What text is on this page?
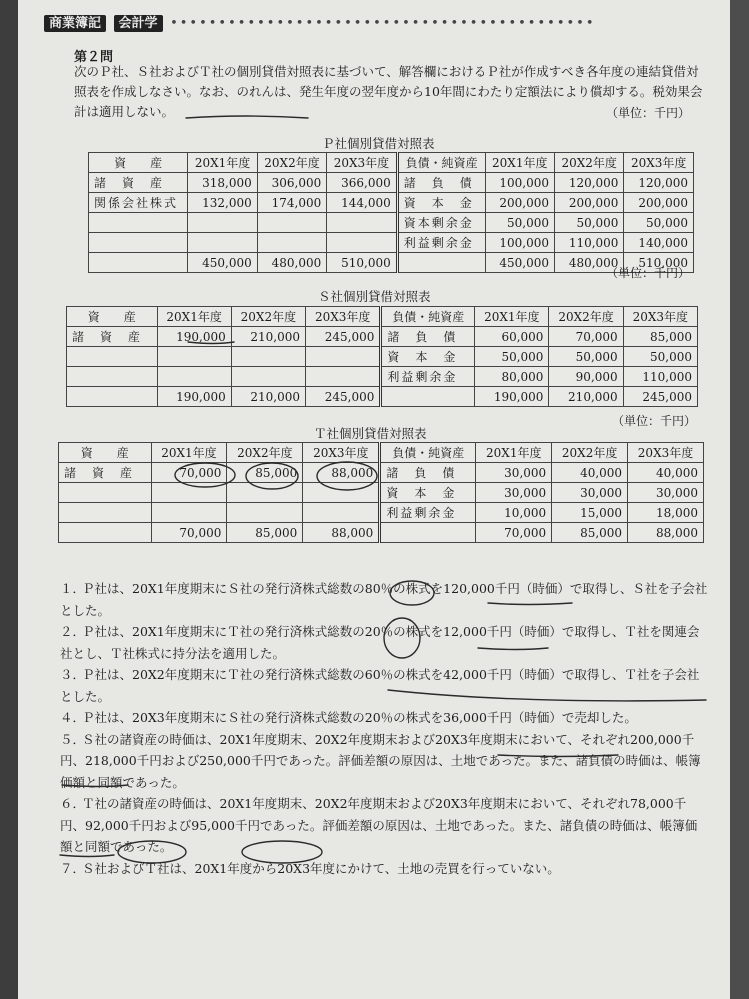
商業簿記 会計学 ••••••••••••••••••••••••••••••••••••••••••••
第２問
次のＰ社、Ｓ社およびＴ社の個別貸借対照表に基づいて、解答欄におけるＰ社が作成すべき各年度の連結貸借対照表を作成しなさい。なお、のれんは、発生年度の翌年度から10年間にわたり定額法により償却する。税効果会計は適用しない。	（単位：千円）
Ｐ社個別貸借対照表
資　　産	20X1年度	20X2年度	20X3年度	負債・純資産	20X1年度	20X2年度	20X3年度
諸　資　産	318,000	306,000	366,000	諸　負　債	100,000	120,000	120,000
関係会社株式	132,000	174,000	144,000	資　本　金	200,000	200,000	200,000
				資本剰余金	50,000	50,000	50,000
				利益剰余金	100,000	110,000	140,000
	450,000	480,000	510,000		450,000	480,000	510,000
（単位：千円）
Ｓ社個別貸借対照表
資　　産	20X1年度	20X2年度	20X3年度	負債・純資産	20X1年度	20X2年度	20X3年度
諸　資　産	190,000	210,000	245,000	諸　負　債	60,000	70,000	85,000
				資　本　金	50,000	50,000	50,000
				利益剰余金	80,000	90,000	110,000
	190,000	210,000	245,000		190,000	210,000	245,000
（単位：千円）
Ｔ社個別貸借対照表
資　　産	20X1年度	20X2年度	20X3年度	負債・純資産	20X1年度	20X2年度	20X3年度
諸　資　産	70,000	85,000	88,000	諸　負　債	30,000	40,000	40,000
				資　本　金	30,000	30,000	30,000
				利益剰余金	10,000	15,000	18,000
	70,000	85,000	88,000		70,000	85,000	88,000
１．Ｐ社は、20X1年度期末にＳ社の発行済株式総数の80％の株式を120,000千円（時価）で取得し、Ｓ社を子会社とした。
２．Ｐ社は、20X1年度期末にＴ社の発行済株式総数の20％の株式を12,000千円（時価）で取得し、Ｔ社を関連会社とし、Ｔ社株式に持分法を適用した。
３．Ｐ社は、20X2年度期末にＴ社の発行済株式総数の60％の株式を42,000千円（時価）で取得し、Ｔ社を子会社とした。
４．Ｐ社は、20X3年度期末にＳ社の発行済株式総数の20％の株式を36,000千円（時価）で売却した。
５．Ｓ社の諸資産の時価は、20X1年度期末、20X2年度期末および20X3年度期末において、それぞれ200,000千円、218,000千円および250,000千円であった。評価差額の原因は、土地であった。また、諸負債の時価は、帳簿価額と同額であった。
６．Ｔ社の諸資産の時価は、20X1年度期末、20X2年度期末および20X3年度期末において、それぞれ78,000千円、92,000千円および95,000千円であった。評価差額の原因は、土地であった。また、諸負債の時価は、帳簿価額と同額であった。
７．Ｓ社およびＴ社は、20X1年度から20X3年度にかけて、土地の売買を行っていない。
